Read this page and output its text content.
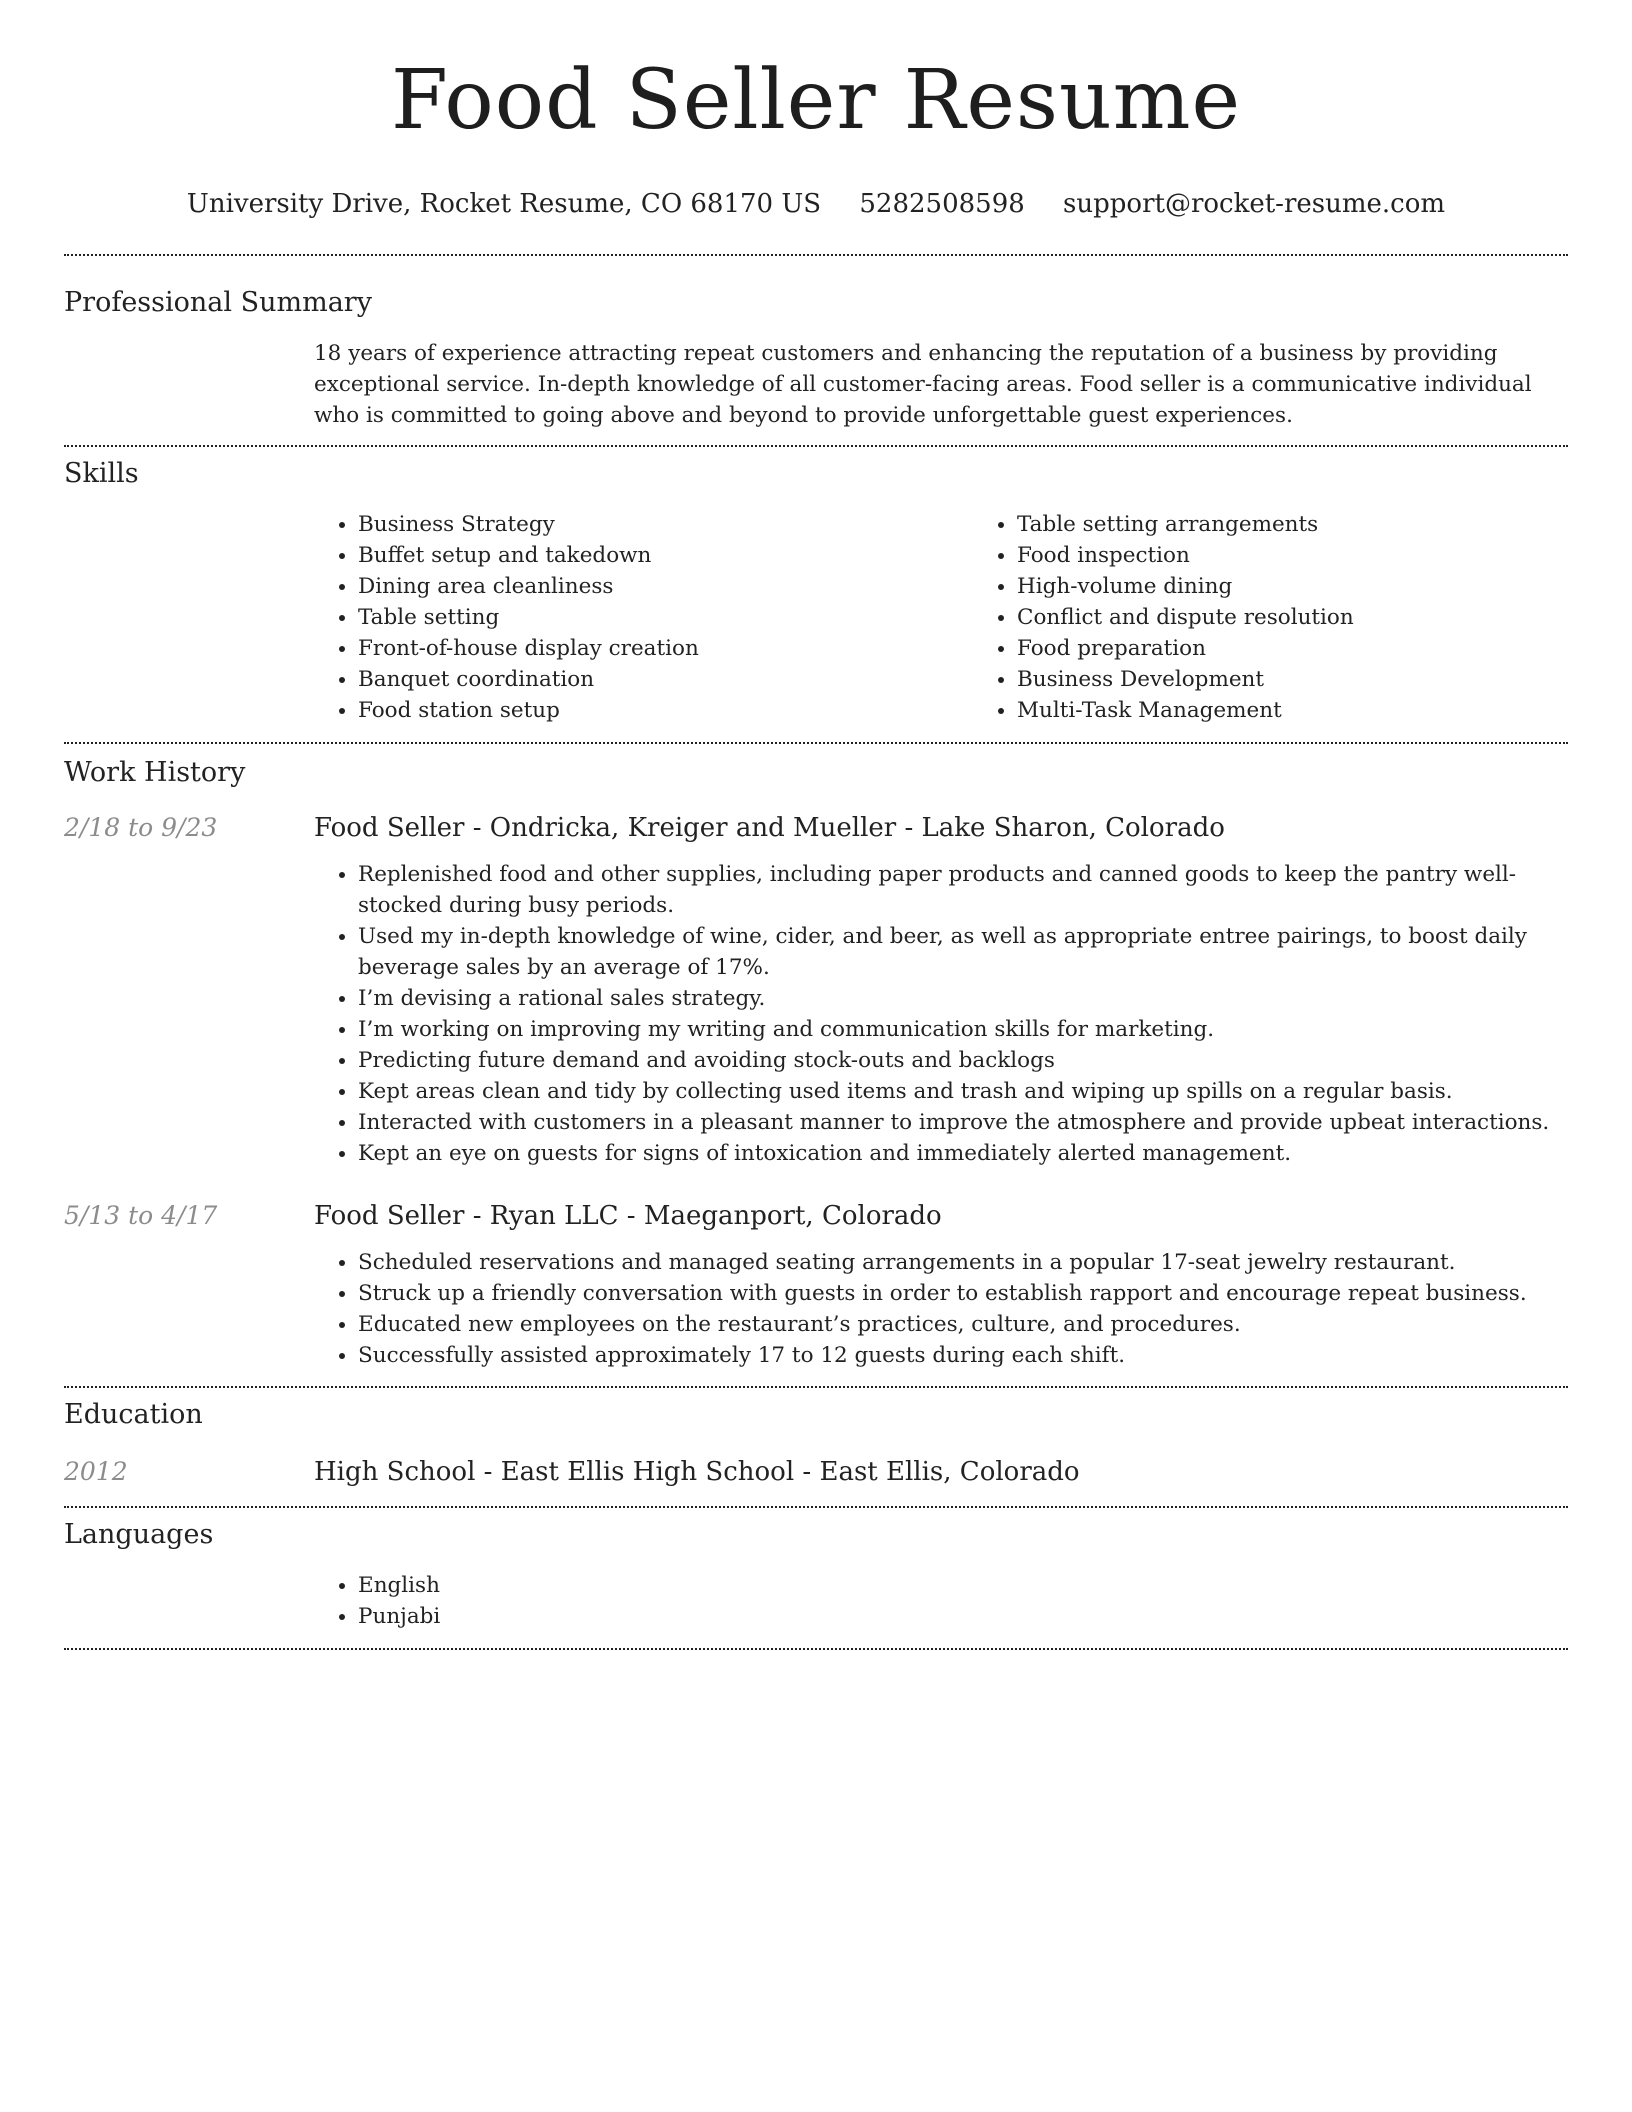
Food Seller Resume
University Drive, Rocket Resume, CO 68170 US 5282508598 support@rocket-resume.com
Professional Summary
18 years of experience attracting repeat customers and enhancing the reputation of a business by providing exceptional service. In-depth knowledge of all customer-facing areas. Food seller is a communicative individual who is committed to going above and beyond to provide unforgettable guest experiences.
Skills
• Business Strategy
• Buffet setup and takedown
• Dining area cleanliness
• Table setting
• Front-of-house display creation
• Banquet coordination
• Food station setup
• Table setting arrangements
• Food inspection
• High-volume dining
• Conflict and dispute resolution
• Food preparation
• Business Development
• Multi-Task Management
Work History
2/18 to 9/23	Food Seller - Ondricka, Kreiger and Mueller - Lake Sharon, Colorado
• Replenished food and other supplies, including paper products and canned goods to keep the pantry well-stocked during busy periods.
• Used my in-depth knowledge of wine, cider, and beer, as well as appropriate entree pairings, to boost daily beverage sales by an average of 17%.
• I’m devising a rational sales strategy.
• I’m working on improving my writing and communication skills for marketing.
• Predicting future demand and avoiding stock-outs and backlogs
• Kept areas clean and tidy by collecting used items and trash and wiping up spills on a regular basis.
• Interacted with customers in a pleasant manner to improve the atmosphere and provide upbeat interactions.
• Kept an eye on guests for signs of intoxication and immediately alerted management.
5/13 to 4/17	Food Seller - Ryan LLC - Maeganport, Colorado
• Scheduled reservations and managed seating arrangements in a popular 17-seat jewelry restaurant.
• Struck up a friendly conversation with guests in order to establish rapport and encourage repeat business.
• Educated new employees on the restaurant’s practices, culture, and procedures.
• Successfully assisted approximately 17 to 12 guests during each shift.
Education
2012	High School - East Ellis High School - East Ellis, Colorado
Languages
• English
• Punjabi
